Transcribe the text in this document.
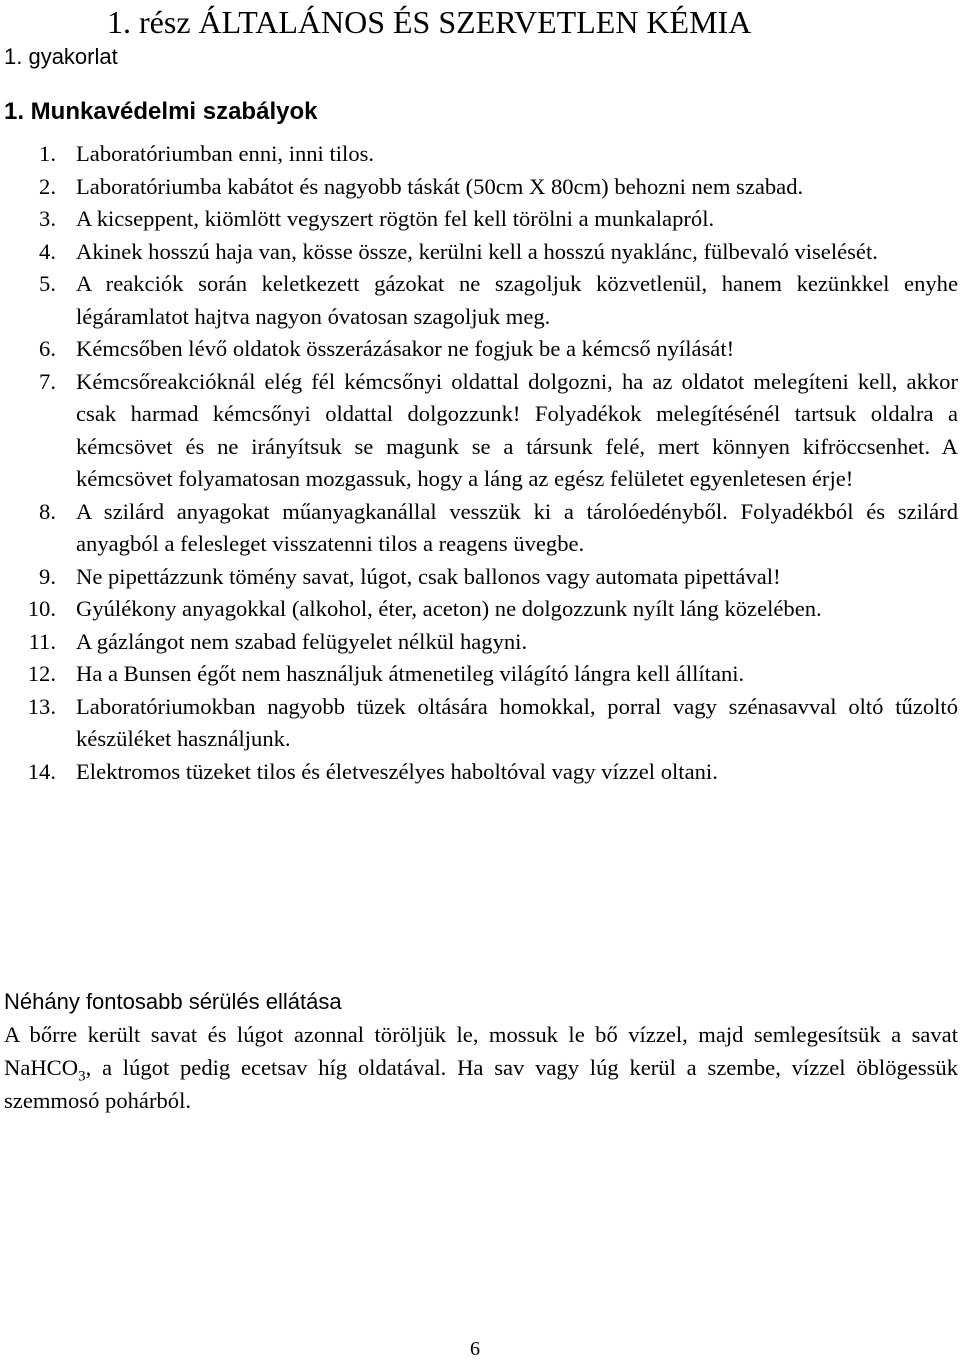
1. rész ÁLTALÁNOS ÉS SZERVETLEN KÉMIA
1. gyakorlat
1. Munkavédelmi szabályok
1. Laboratóriumban enni, inni tilos.
2. Laboratóriumba kabátot és nagyobb táskát (50cm X 80cm) behozni nem szabad.
3. A kicseppent, kiömlött vegyszert rögtön fel kell törölni a munkalapról.
4. Akinek hosszú haja van, kösse össze, kerülni kell a hosszú nyaklánc, fülbevaló viselését.
5. A reakciók során keletkezett gázokat ne szagoljuk közvetlenül, hanem kezünkkel enyhe légáramlatot hajtva nagyon óvatosan szagoljuk meg.
6. Kémcsőben lévő oldatok összerázásakor ne fogjuk be a kémcső nyílását!
7. Kémcsőreakcióknál elég fél kémcsőnyi oldattal dolgozni, ha az oldatot melegíteni kell, akkor csak harmad kémcsőnyi oldattal dolgozzunk! Folyadékok melegítésénél tartsuk oldalra a kémcsövet és ne irányítsuk se magunk se a társunk felé, mert könnyen kifröccsenhet. A kémcsövet folyamatosan mozgassuk, hogy a láng az egész felületet egyenletesen érje!
8. A szilárd anyagokat műanyagkanállal vesszük ki a tárolóedényből. Folyadékból és szilárd anyagból a felesleget visszatenni tilos a reagens üvegbe.
9. Ne pipettázzunk tömény savat, lúgot, csak ballonos vagy automata pipettával!
10. Gyúlékony anyagokkal (alkohol, éter, aceton) ne dolgozzunk nyílt láng közelében.
11. A gázlángot nem szabad felügyelet nélkül hagyni.
12. Ha a Bunsen égőt nem használjuk átmenetileg világító lángra kell állítani.
13. Laboratóriumokban nagyobb tüzek oltására homokkal, porral vagy szénasavval oltó tűzoltó készüléket használjunk.
14. Elektromos tüzeket tilos és életveszélyes haboltóval vagy vízzel oltani.
Néhány fontosabb sérülés ellátása

A bőrre került savat és lúgot azonnal töröljük le, mossuk le bő vízzel, majd semlegesítsük a savat NaHCO$_3$, a lúgot pedig ecetsav híg oldatával. Ha sav vagy lúg kerül a szembe, vízzel öblögessük szemmosó pohárból.

6
